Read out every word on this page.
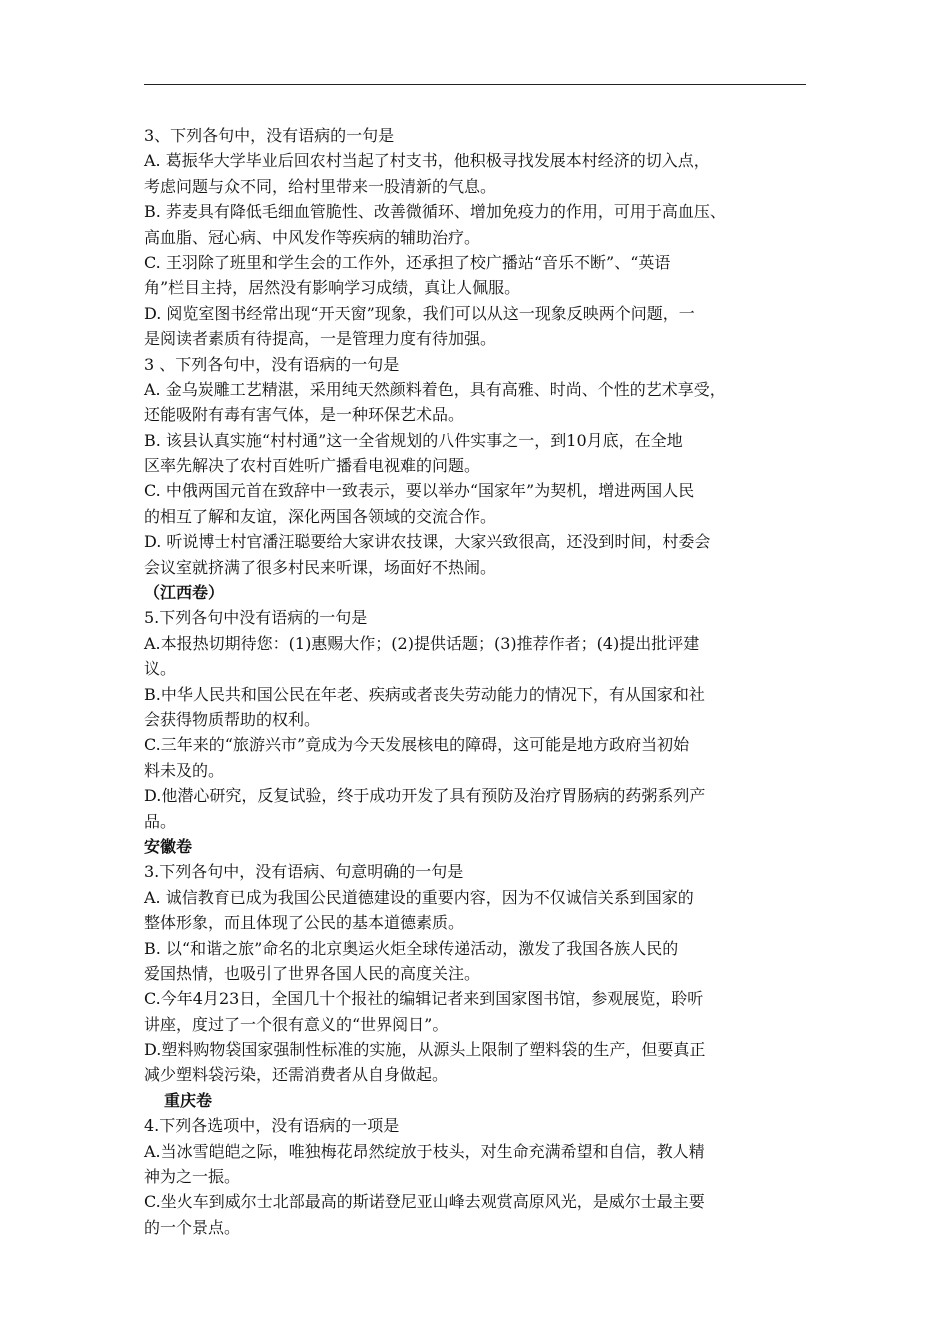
3、下列各句中，没有语病的一句是
A. 葛振华大学毕业后回农村当起了村支书，他积极寻找发展本村经济的切入点，
考虑问题与众不同，给村里带来一股清新的气息。
B. 荞麦具有降低毛细血管脆性、改善微循环、增加免疫力的作用，可用于高血压、
高血脂、冠心病、中风发作等疾病的辅助治疗。
C. 王羽除了班里和学生会的工作外，还承担了校广播站“音乐不断”、“英语
角”栏目主持，居然没有影响学习成绩，真让人佩服。
D. 阅览室图书经常出现“开天窗”现象，我们可以从这一现象反映两个问题，一
是阅读者素质有待提高，一是管理力度有待加强。
3 、下列各句中，没有语病的一句是
A. 金乌炭雕工艺精湛，采用纯天然颜料着色，具有高雅、时尚、个性的艺术享受，
还能吸附有毒有害气体，是一种环保艺术品。
B. 该县认真实施“村村通”这一全省规划的八件实事之一，到10月底，在全地
区率先解决了农村百姓听广播看电视难的问题。
C. 中俄两国元首在致辞中一致表示，要以举办“国家年”为契机，增进两国人民
的相互了解和友谊，深化两国各领域的交流合作。
D. 听说博士村官潘汪聪要给大家讲农技课，大家兴致很高，还没到时间，村委会
会议室就挤满了很多村民来听课，场面好不热闹。
（江西卷）
5.下列各句中没有语病的一句是
A.本报热切期待您：(1)惠赐大作；(2)提供话题；(3)推荐作者；(4)提出批评建
议。
B.中华人民共和国公民在年老、疾病或者丧失劳动能力的情况下，有从国家和社
会获得物质帮助的权利。
C.三年来的“旅游兴市”竟成为今天发展核电的障碍，这可能是地方政府当初始
料未及的。
D.他潜心研究，反复试验，终于成功开发了具有预防及治疗胃肠病的药粥系列产
品。
安徽卷
3.下列各句中，没有语病、句意明确的一句是
A. 诚信教育已成为我国公民道德建设的重要内容，因为不仅诚信关系到国家的
整体形象，而且体现了公民的基本道德素质。
B. 以“和谐之旅”命名的北京奥运火炬全球传递活动，激发了我国各族人民的
爱国热情，也吸引了世界各国人民的高度关注。
C.今年4月23日，全国几十个报社的编辑记者来到国家图书馆，参观展览，聆听
讲座，度过了一个很有意义的“世界阅日”。
D.塑料购物袋国家强制性标准的实施，从源头上限制了塑料袋的生产，但要真正
减少塑料袋污染，还需消费者从自身做起。
重庆卷
4.下列各选项中，没有语病的一项是
A.当冰雪皑皑之际，唯独梅花昂然绽放于枝头，对生命充满希望和自信，教人精
神为之一振。
C.坐火车到威尔士北部最高的斯诺登尼亚山峰去观赏高原风光，是威尔士最主要
的一个景点。
